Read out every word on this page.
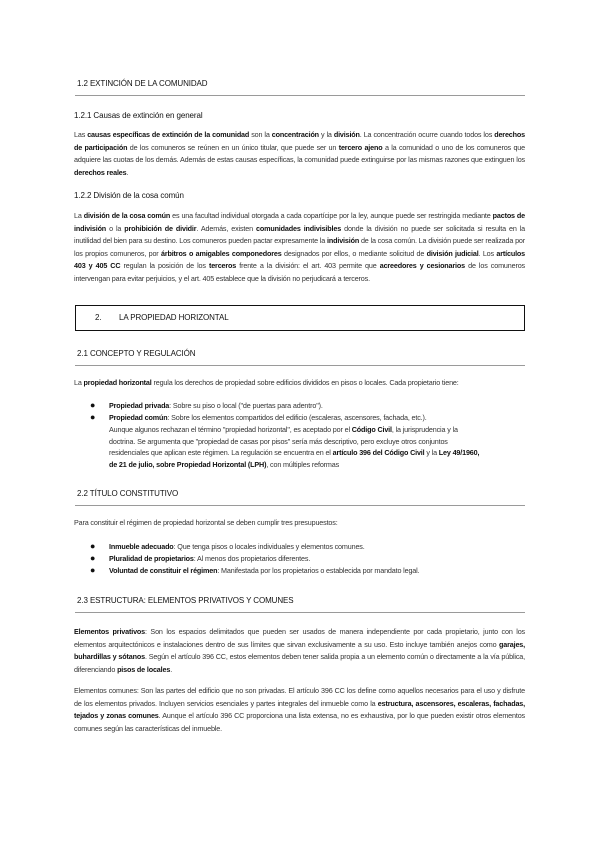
1.2 EXTINCIÓN DE LA COMUNIDAD
1.2.1 Causas de extinción en general
Las causas específicas de extinción de la comunidad son la concentración y la división. La concentración ocurre cuando todos los derechos de participación de los comuneros se reúnen en un único titular, que puede ser un tercero ajeno a la comunidad o uno de los comuneros que adquiere las cuotas de los demás. Además de estas causas específicas, la comunidad puede extinguirse por las mismas razones que extinguen los derechos reales.
1.2.2 División de la cosa común
La división de la cosa común es una facultad individual otorgada a cada copartícipe por la ley, aunque puede ser restringida mediante pactos de indivisión o la prohibición de dividir. Además, existen comunidades indivisibles donde la división no puede ser solicitada si resulta en la inutilidad del bien para su destino. Los comuneros pueden pactar expresamente la indivisión de la cosa común. La división puede ser realizada por los propios comuneros, por árbitros o amigables componedores designados por ellos, o mediante solicitud de división judicial. Los artículos 403 y 405 CC regulan la posición de los terceros frente a la división: el art. 403 permite que acreedores y cesionarios de los comuneros intervengan para evitar perjuicios, y el art. 405 establece que la división no perjudicará a terceros.
2. LA PROPIEDAD HORIZONTAL
2.1 CONCEPTO Y REGULACIÓN
La propiedad horizontal regula los derechos de propiedad sobre edificios divididos en pisos o locales. Cada propietario tiene:
● Propiedad privada: Sobre su piso o local ("de puertas para adentro").
● Propiedad común: Sobre los elementos compartidos del edificio (escaleras, ascensores, fachada, etc.).
Aunque algunos rechazan el término "propiedad horizontal", es aceptado por el Código Civil, la jurisprudencia y la doctrina. Se argumenta que "propiedad de casas por pisos" sería más descriptivo, pero excluye otros conjuntos residenciales que aplican este régimen. La regulación se encuentra en el artículo 396 del Código Civil y la Ley 49/1960, de 21 de julio, sobre Propiedad Horizontal (LPH), con múltiples reformas
2.2 TÍTULO CONSTITUTIVO
Para constituir el régimen de propiedad horizontal se deben cumplir tres presupuestos:
● Inmueble adecuado: Que tenga pisos o locales individuales y elementos comunes.
● Pluralidad de propietarios: Al menos dos propietarios diferentes.
● Voluntad de constituir el régimen: Manifestada por los propietarios o establecida por mandato legal.
2.3 ESTRUCTURA: ELEMENTOS PRIVATIVOS Y COMUNES
Elementos privativos: Son los espacios delimitados que pueden ser usados de manera independiente por cada propietario, junto con los elementos arquitectónicos e instalaciones dentro de sus límites que sirvan exclusivamente a su uso. Esto incluye también anejos como garajes, buhardillas y sótanos. Según el artículo 396 CC, estos elementos deben tener salida propia a un elemento común o directamente a la vía pública, diferenciando pisos de locales.
Elementos comunes: Son las partes del edificio que no son privadas. El artículo 396 CC los define como aquellos necesarios para el uso y disfrute de los elementos privados. Incluyen servicios esenciales y partes integrales del inmueble como la estructura, ascensores, escaleras, fachadas, tejados y zonas comunes. Aunque el artículo 396 CC proporciona una lista extensa, no es exhaustiva, por lo que pueden existir otros elementos comunes según las características del inmueble.
